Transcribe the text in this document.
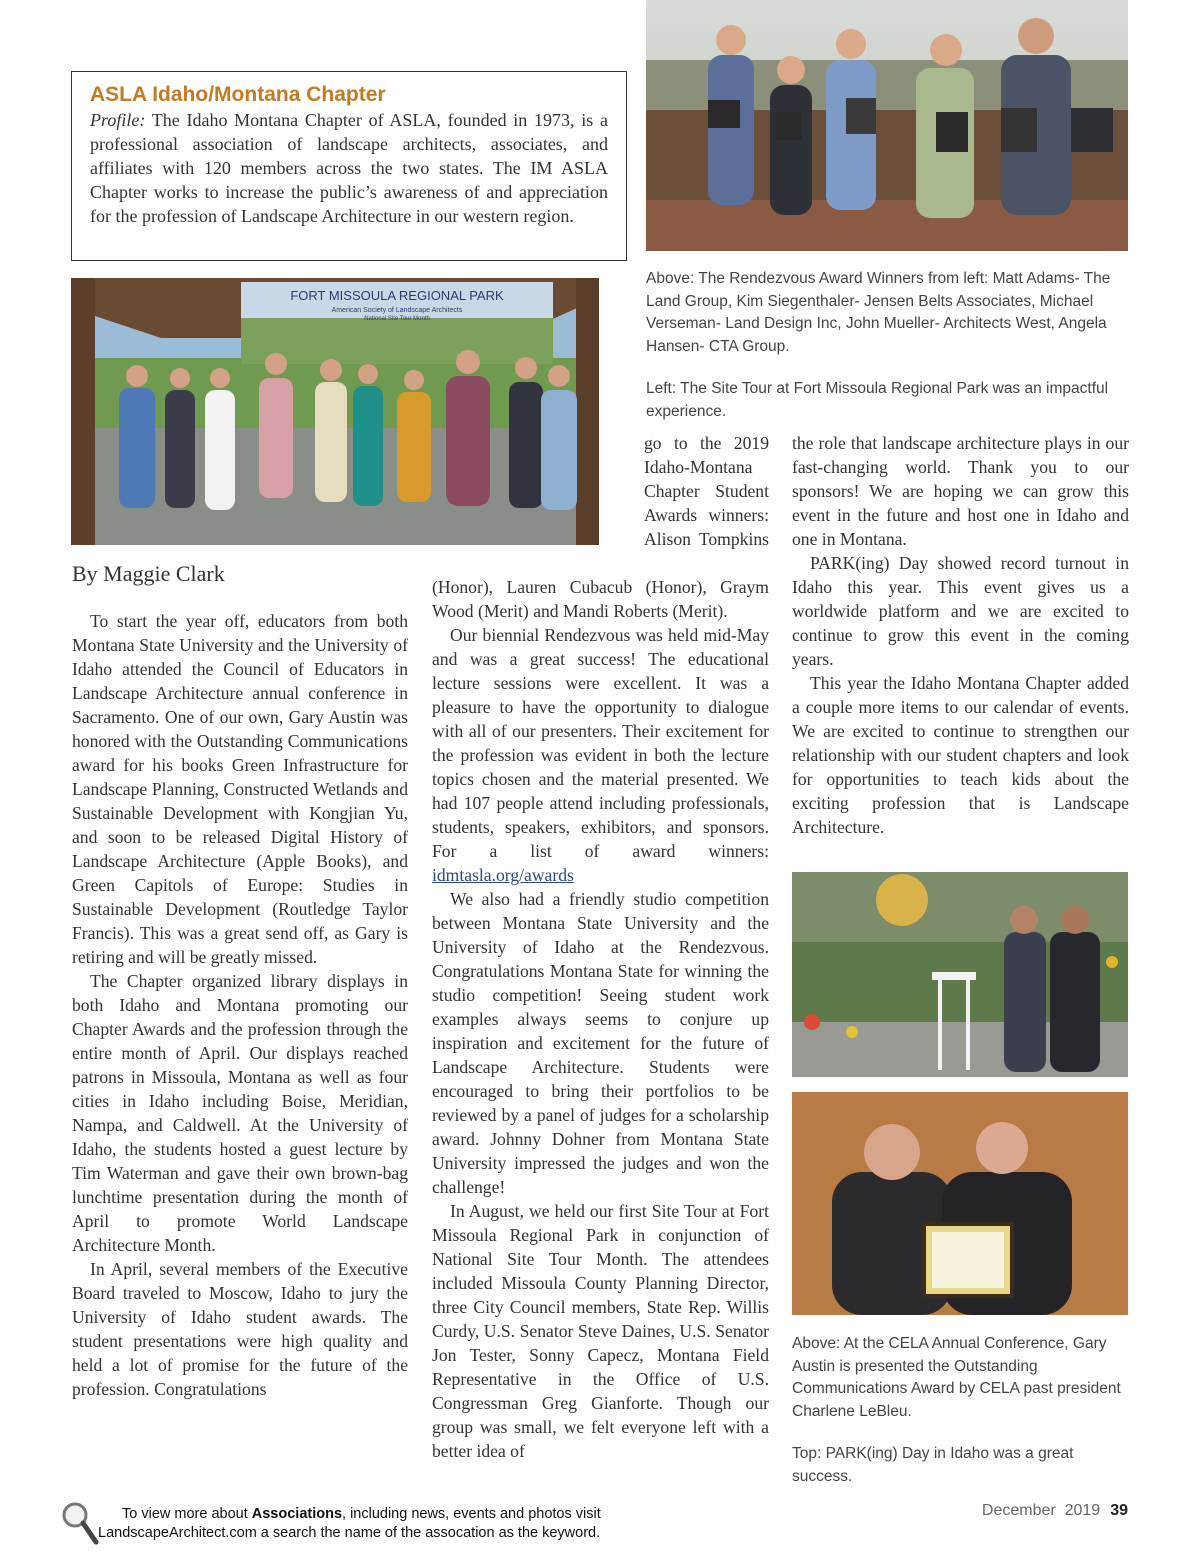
ASLA Idaho/Montana Chapter

Profile: The Idaho Montana Chapter of ASLA, founded in 1973, is a professional association of landscape architects, associates, and affiliates with 120 members across the two states. The IM ASLA Chapter works to increase the public’s awareness of and appreciation for the profession of Landscape Architecture in our western region.

FORT MISSOULA REGIONAL PARK
American Society of Landscape Architects
National Site Tour Month

Above: The Rendezvous Award Winners from left: Matt Adams- The Land Group, Kim Siegenthaler- Jensen Belts Associates, Michael Verseman- Land Design Inc, John Mueller- Architects West, Angela Hansen- CTA Group.

Left: The Site Tour at Fort Missoula Regional Park was an impactful experience.

By Maggie Clark

To start the year off, educators from both Montana State University and the University of Idaho attended the Council of Educators in Landscape Architecture annual conference in Sacramento. One of our own, Gary Austin was honored with the Outstanding Communications award for his books Green Infrastructure for Landscape Planning, Constructed Wetlands and Sustainable Development with Kongjian Yu, and soon to be released Digital History of Landscape Architecture (Apple Books), and Green Capitols of Europe: Studies in Sustainable Development (Routledge Taylor Francis). This was a great send off, as Gary is retiring and will be greatly missed.

The Chapter organized library displays in both Idaho and Montana promoting our Chapter Awards and the profession through the entire month of April. Our displays reached patrons in Missoula, Montana as well as four cities in Idaho including Boise, Meridian, Nampa, and Caldwell. At the University of Idaho, the students hosted a guest lecture by Tim Waterman and gave their own brown-bag lunchtime presentation during the month of April to promote World Landscape Architecture Month.

In April, several members of the Executive Board traveled to Moscow, Idaho to jury the University of Idaho student awards. The student presentations were high quality and held a lot of promise for the future of the profession. Congratulations

go to the 2019 Idaho-Montana Chapter Student Awards winners: Alison Tompkins

(Honor), Lauren Cubacub (Honor), Graym Wood (Merit) and Mandi Roberts (Merit).

Our biennial Rendezvous was held mid-May and was a great success! The educational lecture sessions were excellent. It was a pleasure to have the opportunity to dialogue with all of our presenters. Their excitement for the profession was evident in both the lecture topics chosen and the material presented. We had 107 people attend including professionals, students, speakers, exhibitors, and sponsors. For a list of award winners: idmtasla.org/awards

We also had a friendly studio competition between Montana State University and the University of Idaho at the Rendezvous. Congratulations Montana State for winning the studio competition! Seeing student work examples always seems to conjure up inspiration and excitement for the future of Landscape Architecture. Students were encouraged to bring their portfolios to be reviewed by a panel of judges for a scholarship award. Johnny Dohner from Montana State University impressed the judges and won the challenge!

In August, we held our first Site Tour at Fort Missoula Regional Park in conjunction of National Site Tour Month. The attendees included Missoula County Planning Director, three City Council members, State Rep. Willis Curdy, U.S. Senator Steve Daines, U.S. Senator Jon Tester, Sonny Capecz, Montana Field Representative in the Office of U.S. Congressman Greg Gianforte. Though our group was small, we felt everyone left with a better idea of

the role that landscape architecture plays in our fast-changing world. Thank you to our sponsors! We are hoping we can grow this event in the future and host one in Idaho and one in Montana.

PARK(ing) Day showed record turnout in Idaho this year. This event gives us a worldwide platform and we are excited to continue to grow this event in the coming years.

This year the Idaho Montana Chapter added a couple more items to our calendar of events. We are excited to continue to strengthen our relationship with our student chapters and look for opportunities to teach kids about the exciting profession that is Landscape Architecture.

Above: At the CELA Annual Conference, Gary Austin is presented the Outstanding Communications Award by CELA past president Charlene LeBleu.

Top: PARK(ing) Day in Idaho was a great success.

To view more about Associations, including news, events and photos visit
LandscapeArchitect.com a search the name of the assocation as the keyword.
December  2019 39
